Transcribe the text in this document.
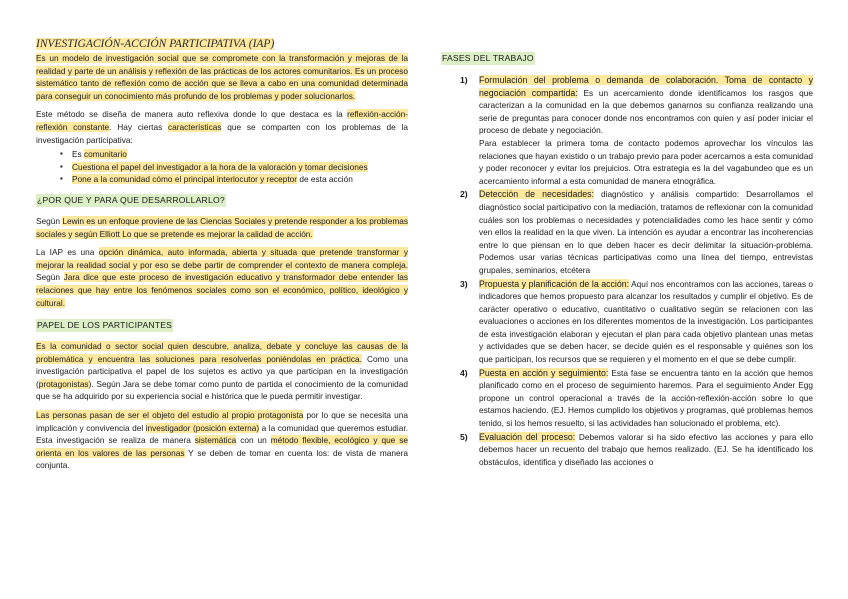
INVESTIGACIÓN-ACCIÓN PARTICIPATIVA (IAP)

Es un modelo de investigación social que se compromete con la transformación y mejoras de la realidad y parte de un análisis y reflexión de las prácticas de los actores comunitarios. Es un proceso sistemático tanto de reflexión como de acción que se lleva a cabo en una comunidad determinada para conseguir un conocimiento más profundo de los problemas y poder solucionarlos.

Este método se diseña de manera auto reflexiva donde lo que destaca es la reflexión-acción-reflexión constante. Hay ciertas características que se comparten con los problemas de la investigación participativa:

▪ Es comunitario
▪ Cuestiona el papel del investigador a la hora de la valoración y tomar decisiones
▪ Pone a la comunidad cómo el principal interlocutor y receptor de esta acción
¿POR QUE Y PARA QUE DESARROLLARLO?

Según Lewin es un enfoque proviene de las Ciencias Sociales y pretende responder a los problemas sociales y según Elliott Lo que se pretende es mejorar la calidad de acción.

La IAP es una opción dinámica, auto informada, abierta y situada que pretende transformar y mejorar la realidad social y por eso se debe partir de comprender el contexto de manera compleja. Según Jara dice que este proceso de investigación educativo y transformador debe entender las relaciones que hay entre los fenómenos sociales como son el económico, político, ideológico y cultural.

PAPEL DE LOS PARTICIPANTES

Es la comunidad o sector social quien descubre, analiza, debate y concluye las causas de la problemática y encuentra las soluciones para resolverlas poniéndolas en práctica. Como una investigación participativa el papel de los sujetos es activo ya que participan en la investigación (protagonistas). Según Jara se debe tomar como punto de partida el conocimiento de la comunidad que se ha adquirido por su experiencia social e histórica que le pueda permitir investigar.

Las personas pasan de ser el objeto del estudio al propio protagonista por lo que se necesita una implicación y convivencia del investigador (posición externa) a la comunidad que queremos estudiar. Esta investigación se realiza de manera sistemática con un método flexible, ecológico y que se orienta en los valores de las personas Y se deben de tomar en cuenta los: de vista de manera conjunta.

FASES DEL TRABAJO
1) Formulación del problema o demanda de colaboración. Toma de contacto y negociación compartida: Es un acercamiento donde identificamos los rasgos que caracterizan a la comunidad en la que debemos ganarnos su confianza realizando una serie de preguntas para conocer donde nos encontramos con quien y así poder iniciar el proceso de debate y negociación.

Para establecer la primera toma de contacto podemos aprovechar los vínculos las relaciones que hayan existido o un trabajo previo para poder acercarnos a esta comunidad y poder reconocer y evitar los prejuicios. Otra estrategia es la del vagabundeo que es un acercamiento informal a esta comunidad de manera etnográfica.

2) Detección de necesidades: diagnóstico y análisis compartido: Desarrollamos el diagnóstico social participativo con la mediación, tratamos de reflexionar con la comunidad cuáles son los problemas o necesidades y potencialidades como les hace sentir y cómo ven ellos la realidad en la que viven. La intención es ayudar a encontrar las incoherencias entre lo que piensan en lo que deben hacer es decir delimitar la situación-problema. Podemos usar varias técnicas participativas como una línea del tiempo, entrevistas grupales, seminarios, etcétera

3) Propuesta y planificación de la acción: Aquí nos encontramos con las acciones, tareas o indicadores que hemos propuesto para alcanzar los resultados y cumplir el objetivo. Es de carácter operativo o educativo, cuantitativo o cualitativo según se relacionen con las evaluaciones o acciones en los diferentes momentos de la investigación. Los participantes de esta investigación elaboran y ejecutan el plan para cada objetivo plantean unas metas y actividades que se deben hacer, se decide quién es el responsable y quiénes son los que participan, los recursos que se requieren y el momento en el que se debe cumplir.

4) Puesta en acción y seguimiento: Esta fase se encuentra tanto en la acción que hemos planificado como en el proceso de seguimiento haremos. Para el seguimiento Ander Egg propone un control operacional a través de la acción-reflexión-acción sobre lo que estamos haciendo. (EJ. Hemos cumplido los objetivos y programas, qué problemas hemos tenido, si los hemos resuelto, si las actividades han solucionado el problema, etc).

5) Evaluación del proceso: Debemos valorar si ha sido efectivo las acciones y para ello debemos hacer un recuento del trabajo que hemos realizado. (EJ. Se ha identificado los obstáculos, identifica y diseñado las acciones o
